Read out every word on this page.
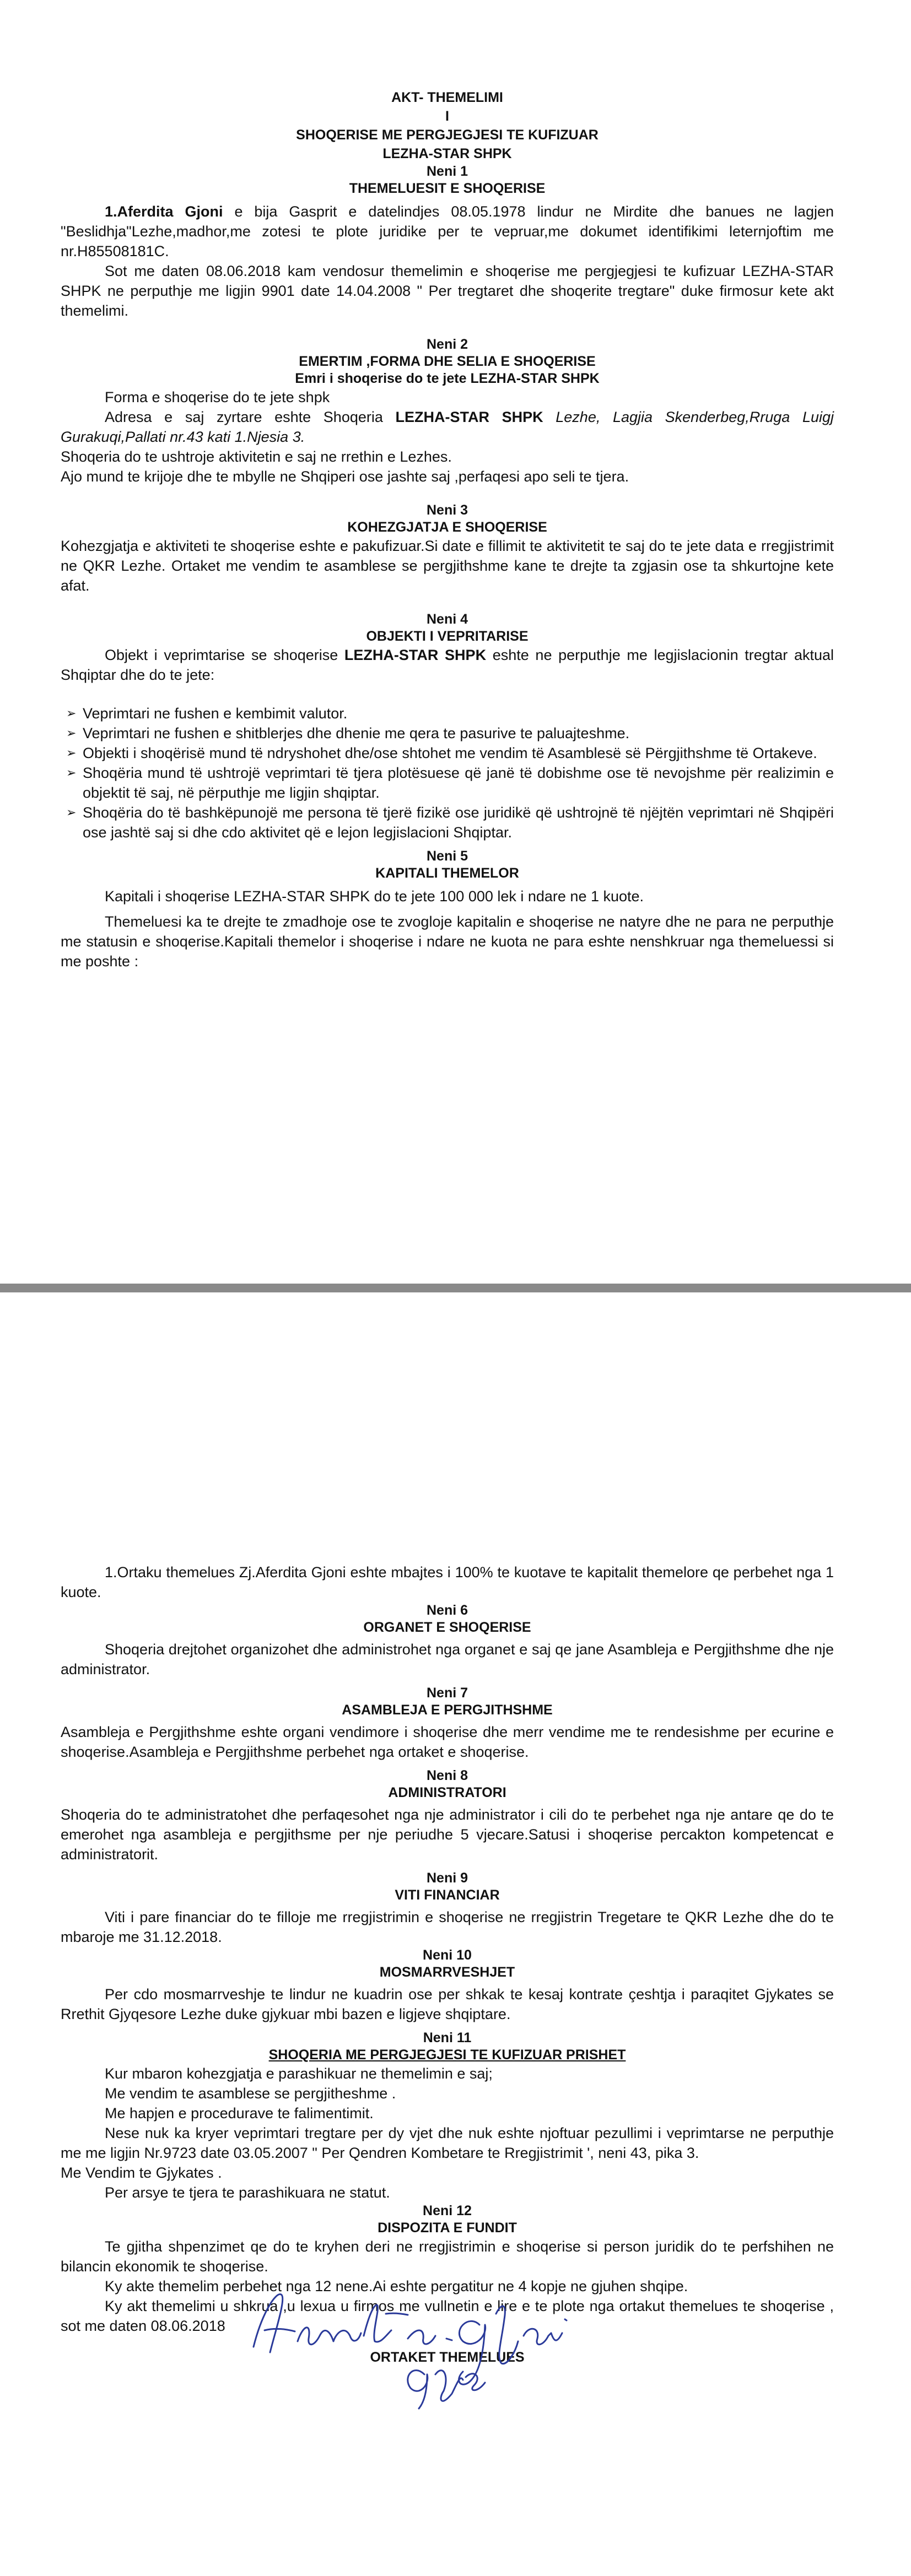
AKT- THEMELIMI
I
SHOQERISE ME PERGJEGJESI TE KUFIZUAR
LEZHA-STAR SHPK
Neni 1
THEMELUESIT E SHOQERISE

1.Aferdita Gjoni e bija Gasprit e datelindjes 08.05.1978 lindur ne Mirdite dhe banues ne lagjen "Beslidhja"Lezhe,madhor,me zotesi te plote juridike per te vepruar,me dokumet identifikimi leternjoftim me nr.H85508181C.

Sot me daten 08.06.2018 kam vendosur themelimin e shoqerise me pergjegjesi te kufizuar LEZHA-STAR SHPK ne perputhje me ligjin 9901 date 14.04.2008 " Per tregtaret dhe shoqerite tregtare" duke firmosur kete akt themelimi.

Neni 2
EMERTIM ,FORMA DHE SELIA E SHOQERISE
Emri i shoqerise do te jete LEZHA-STAR SHPK

Forma e shoqerise do te jete shpk

Adresa e saj zyrtare eshte Shoqeria LEZHA-STAR SHPK Lezhe, Lagjia Skenderbeg,Rruga Luigj Gurakuqi,Pallati nr.43 kati 1.Njesia 3.

Shoqeria do te ushtroje aktivitetin e saj ne rrethin e Lezhes.

Ajo mund te krijoje dhe te mbylle ne Shqiperi ose jashte saj ,perfaqesi apo seli te tjera.

Neni 3
KOHEZGJATJA E SHOQERISE

Kohezgjatja e aktiviteti te shoqerise eshte e pakufizuar.Si date e fillimit te aktivitetit te saj do te jete data e rregjistrimit ne QKR Lezhe. Ortaket me vendim te asamblese se pergjithshme kane te drejte ta zgjasin ose ta shkurtojne kete afat.

Neni 4
OBJEKTI I VEPRITARISE

Objekt i veprimtarise se shoqerise LEZHA-STAR SHPK eshte ne perputhje me legjislacionin tregtar aktual Shqiptar dhe do te jete:

➢ Veprimtari ne fushen e kembimit valutor.
➢ Veprimtari ne fushen e shitblerjes dhe dhenie me qera te pasurive te paluajteshme.
➢ Objekti i shoqërisë mund të ndryshohet dhe/ose shtohet me vendim të Asamblesë së Përgjithshme të Ortakeve.
➢ Shoqëria mund të ushtrojë veprimtari të tjera plotësuese që janë të dobishme ose të nevojshme për realizimin e objektit të saj, në përputhje me ligjin shqiptar.
➢ Shoqëria do të bashkëpunojë me persona të tjerë fizikë ose juridikë që ushtrojnë të njëjtën veprimtari në Shqipëri ose jashtë saj si dhe cdo aktivitet që e lejon legjislacioni Shqiptar.
Neni 5
KAPITALI THEMELOR

Kapitali i shoqerise LEZHA-STAR SHPK do te jete 100 000 lek i ndare ne 1 kuote.

Themeluesi ka te drejte te zmadhoje ose te zvogloje kapitalin e shoqerise ne natyre dhe ne para ne perputhje me statusin e shoqerise.Kapitali themelor i shoqerise i ndare ne kuota ne para eshte nenshkruar nga themeluessi si me poshte :

1.Ortaku themelues Zj.Aferdita Gjoni eshte mbajtes i 100% te kuotave te kapitalit themelore qe perbehet nga 1 kuote.

Neni 6
ORGANET E SHOQERISE

Shoqeria drejtohet organizohet dhe administrohet nga organet e saj qe jane Asambleja e Pergjithshme dhe nje administrator.

Neni 7
ASAMBLEJA E PERGJITHSHME

Asambleja e Pergjithshme eshte organi vendimore i shoqerise dhe merr vendime me te rendesishme per ecurine e shoqerise.Asambleja e Pergjithshme perbehet nga ortaket e shoqerise.

Neni 8
ADMINISTRATORI

Shoqeria do te administratohet dhe perfaqesohet nga nje administrator i cili do te perbehet nga nje antare qe do te emerohet nga asambleja e pergjithsme per nje periudhe 5 vjecare.Satusi i shoqerise percakton kompetencat e administratorit.

Neni 9
VITI FINANCIAR

Viti i pare financiar do te filloje me rregjistrimin e shoqerise ne rregjistrin Tregetare te QKR Lezhe dhe do te mbaroje me 31.12.2018.

Neni 10
MOSMARRVESHJET

Per cdo mosmarrveshje te lindur ne kuadrin ose per shkak te kesaj kontrate çeshtja i paraqitet Gjykates se Rrethit Gjyqesore Lezhe duke gjykuar mbi bazen e ligjeve shqiptare.

Neni 11
SHOQERIA ME PERGJEGJESI TE KUFIZUAR PRISHET

Kur mbaron kohezgjatja e parashikuar ne themelimin e saj;

Me vendim te asamblese se pergjitheshme .

Me hapjen e procedurave te falimentimit.

Nese nuk ka kryer veprimtari tregtare per dy vjet dhe nuk eshte njoftuar pezullimi i veprimtarse ne perputhje me me ligjin Nr.9723 date 03.05.2007 " Per Qendren Kombetare te Rregjistrimit ', neni 43, pika 3.

Me Vendim te Gjykates .

Per arsye te tjera te parashikuara ne statut.

Neni 12
DISPOZITA E FUNDIT

Te gjitha shpenzimet qe do te kryhen deri ne rregjistrimin e shoqerise si person juridik do te perfshihen ne bilancin ekonomik te shoqerise.

Ky akte themelim perbehet nga 12 nene.Ai eshte pergatitur ne 4 kopje ne gjuhen shqipe.

Ky akt themelimi u shkrua ,u lexua u firmos me vullnetin e lire e te plote nga ortakut themelues te shoqerise , sot me daten 08.06.2018

ORTAKET THEMELUES
